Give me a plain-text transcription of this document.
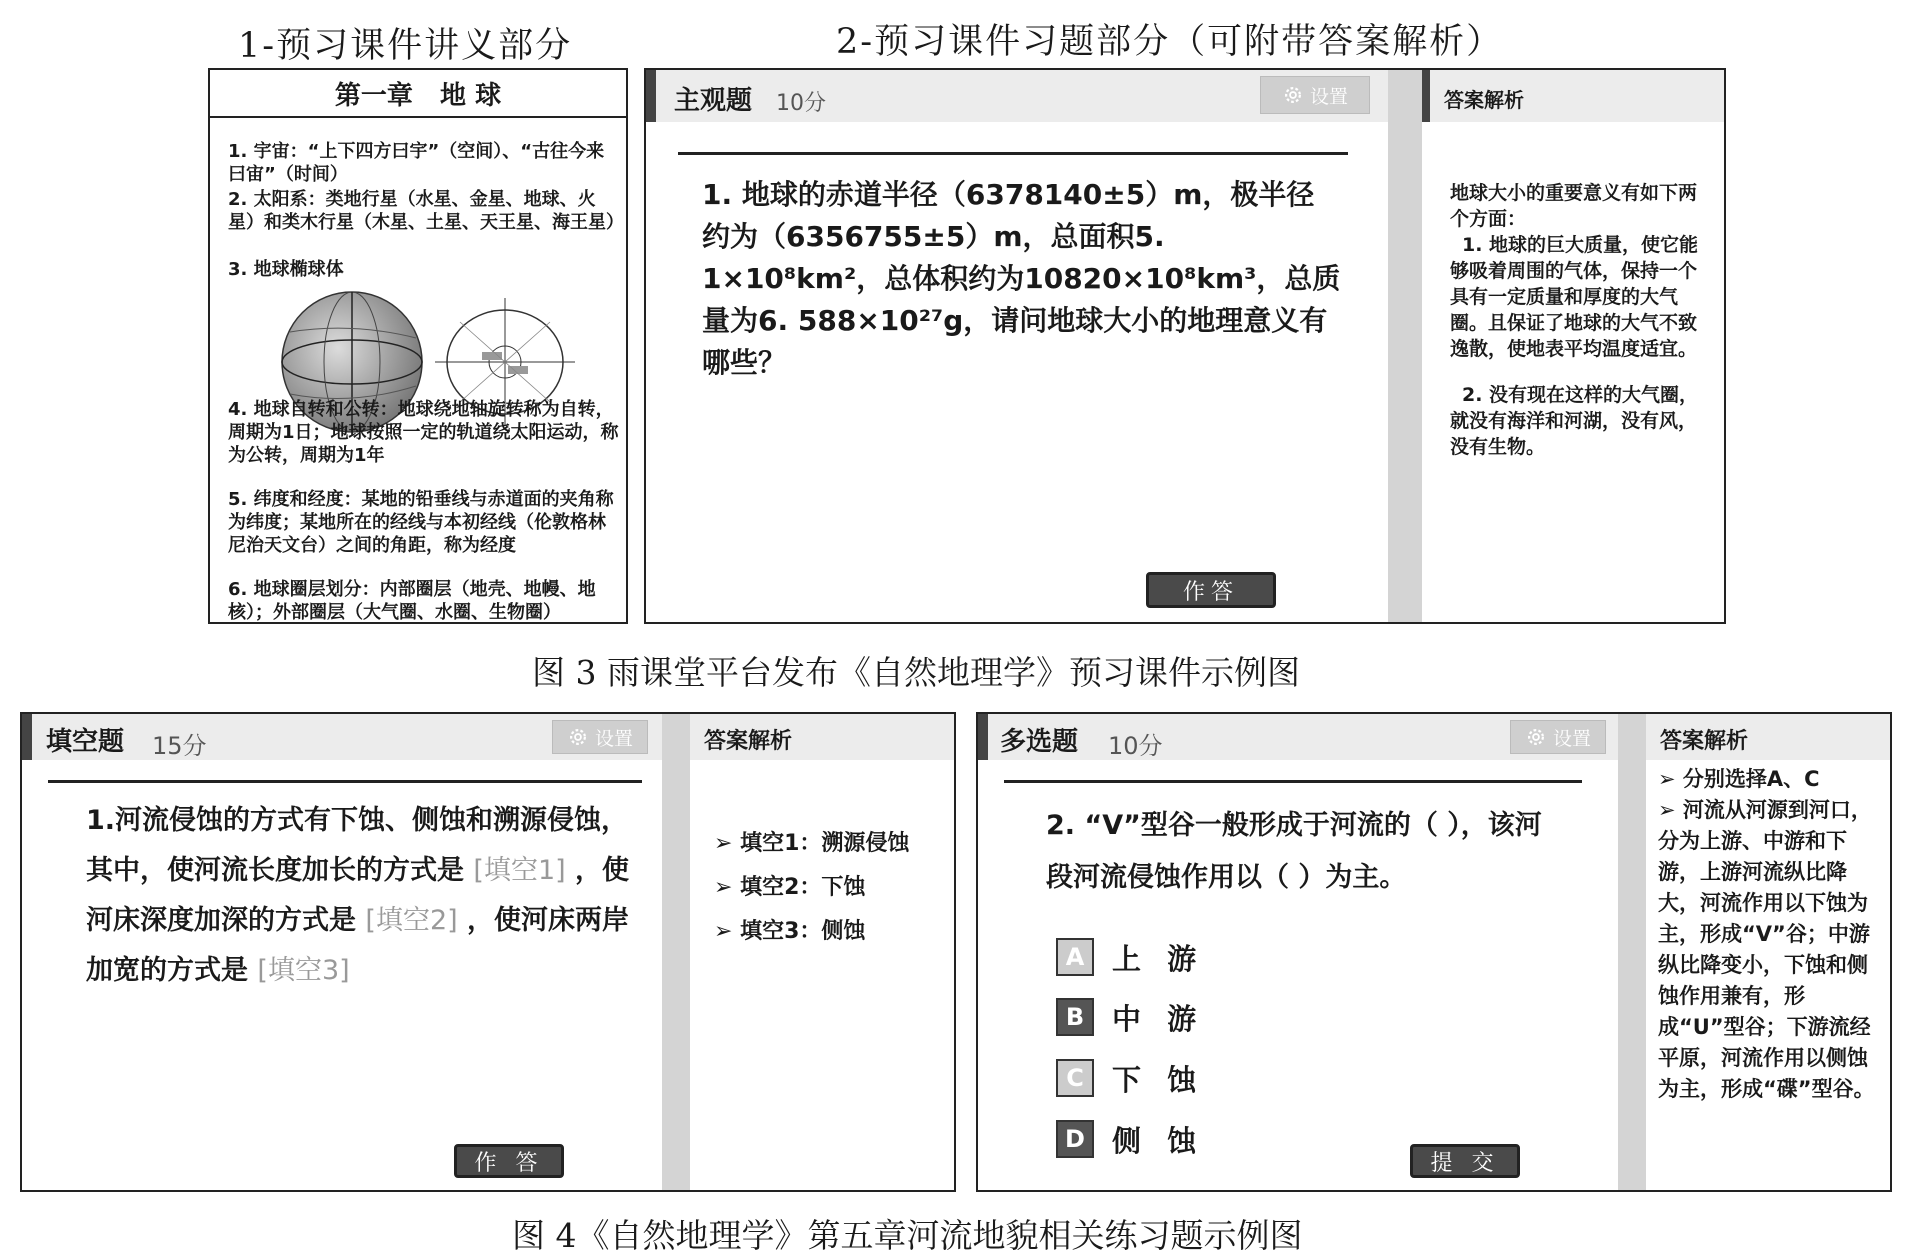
1-预习课件讲义部分	2-预习课件习题部分（可附带答案解析）
第一章   地 球
1. 宇宙：“上下四方曰宇”（空间）、“古往今来曰宙”（时间）
2. 太阳系：类地行星（水星、金星、地球、火星）和类木行星（木星、土星、天王星、海王星）
3. 地球椭球体
4. 地球自转和公转：地球绕地轴旋转称为自转，周期为1日；地球按照一定的轨道绕太阳运动，称为公转，周期为1年
5. 纬度和经度：某地的铅垂线与赤道面的夹角称为纬度；某地所在的经线与本初经线（伦敦格林尼治天文台）之间的角距，称为经度
6. 地球圈层划分：内部圈层（地壳、地幔、地核）；外部圈层（大气圈、水圈、生物圈）
主观题 10分	设置
1. 地球的赤道半径（6378140±5）m，极半径约为（6356755±5）m，总面积5. 1×10⁸km²，总体积约为10820×10⁸km³，总质量为6. 588×10²⁷g，请问地球大小的地理意义有哪些？
作答
答案解析
地球大小的重要意义有如下两个方面：
1. 地球的巨大质量，使它能够吸着周围的气体，保持一个具有一定质量和厚度的大气圈。且保证了地球的大气不致逸散，使地表平均温度适宜。
2. 没有现在这样的大气圈，就没有海洋和河湖，没有风，没有生物。
图 3 雨课堂平台发布《自然地理学》预习课件示例图
填空题 15分	设置
1.河流侵蚀的方式有下蚀、侧蚀和溯源侵蚀，其中，使河流长度加长的方式是 [填空1] ，使河床深度加深的方式是 [填空2] ，使河床两岸加宽的方式是 [填空3]
作 答
答案解析
➢ 填空1：溯源侵蚀
➢ 填空2：下蚀
➢ 填空3：侧蚀
多选题 10分	设置
2. “V”型谷一般形成于河流的（ ），该河段河流侵蚀作用以（ ）为主。
A 上 游
B 中 游
C 下 蚀
D 侧 蚀
提 交
答案解析
➢ 分别选择A、C
➢ 河流从河源到河口，分为上游、中游和下游，上游河流纵比降大，河流作用以下蚀为主，形成“V”谷；中游纵比降变小，下蚀和侧蚀作用兼有，形成“U”型谷；下游流经平原，河流作用以侧蚀为主，形成“碟”型谷。
图 4《自然地理学》第五章河流地貌相关练习题示例图
